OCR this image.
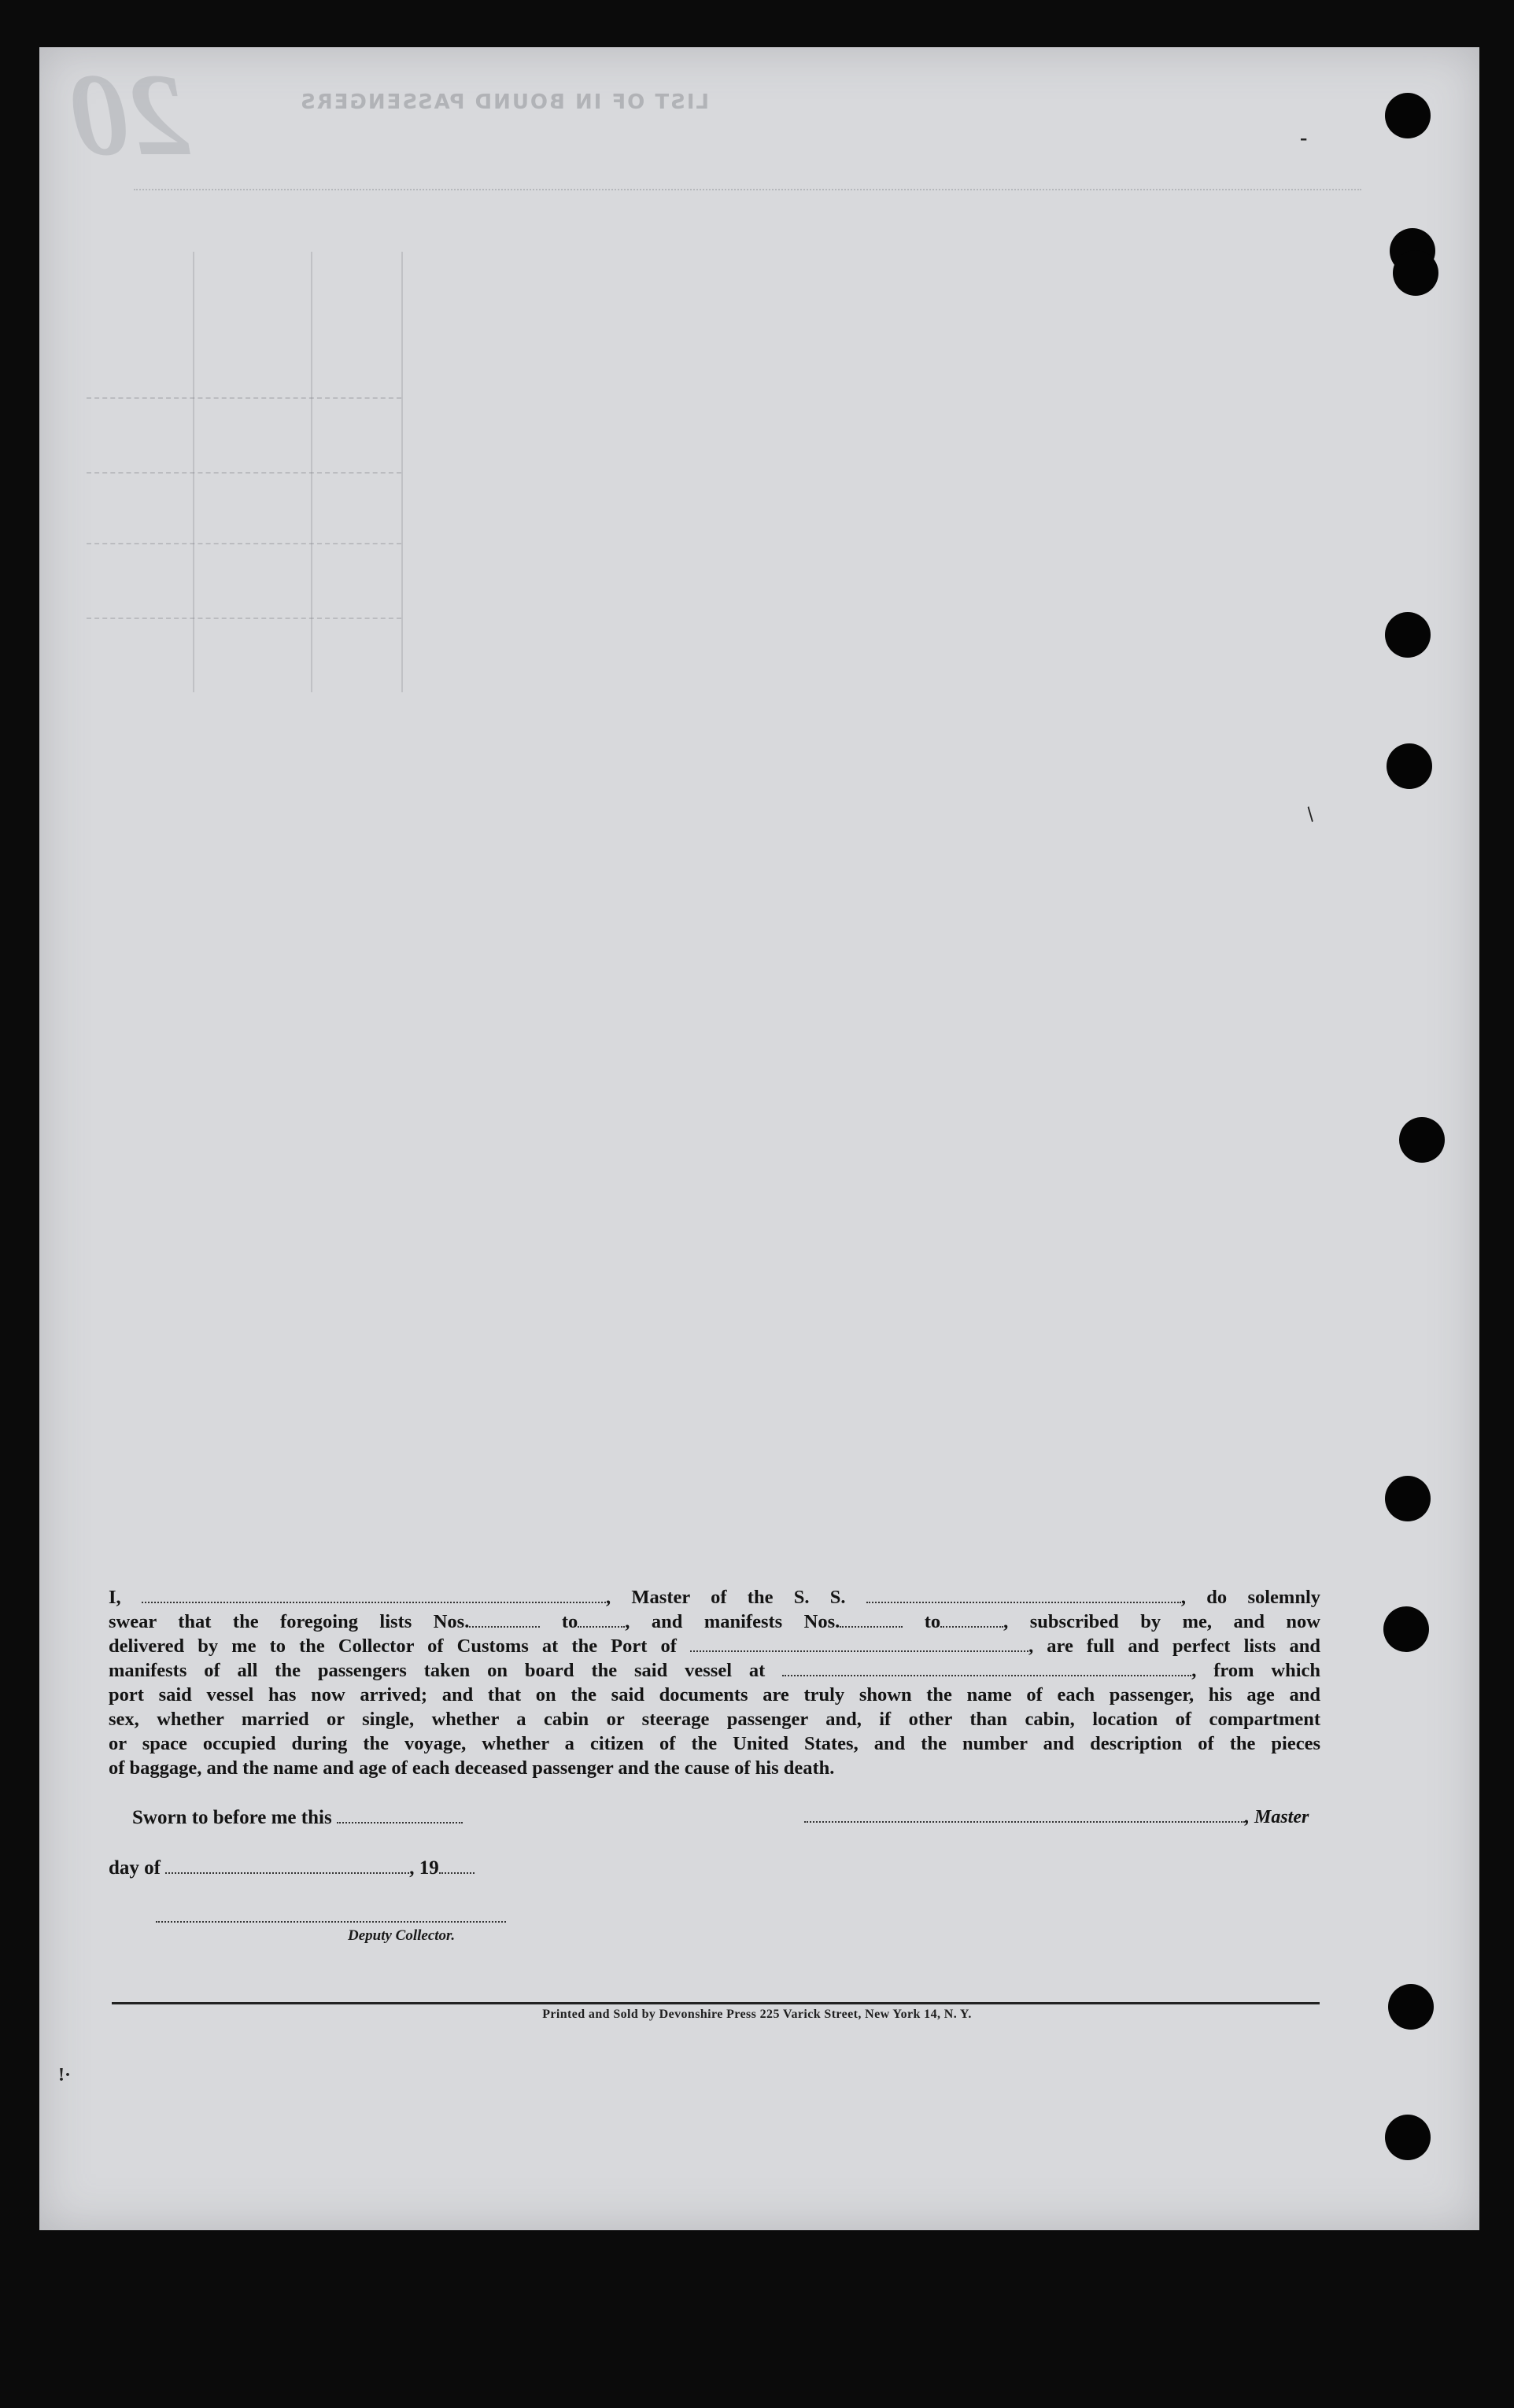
20	LIST OF IN BOUND PASSENGERS

I,	, Master of the S. S.	, do solemnly

swear that the foregoing lists Nos.	to , and manifests Nos.	to	, subscribed by me, and now

delivered by me to the Collector of Customs at the Port of	, are full and perfect lists and

manifests of all the passengers taken on board the said vessel at	, from which

port said vessel has now arrived; and that on the said documents are truly shown the name of each passenger, his age and

sex, whether married or single, whether a cabin or steerage passenger and, if other than cabin, location of compartment

or space occupied during the voyage, whether a citizen of the United States, and the number and description of the pieces

of baggage, and the name and age of each deceased passenger and the cause of his death.

Sworn to before me this	, Master
day of	, 19
Deputy Collector.
Printed and Sold by Devonshire Press 225 Varick Street, New York 14, N. Y.
-
/
!·
